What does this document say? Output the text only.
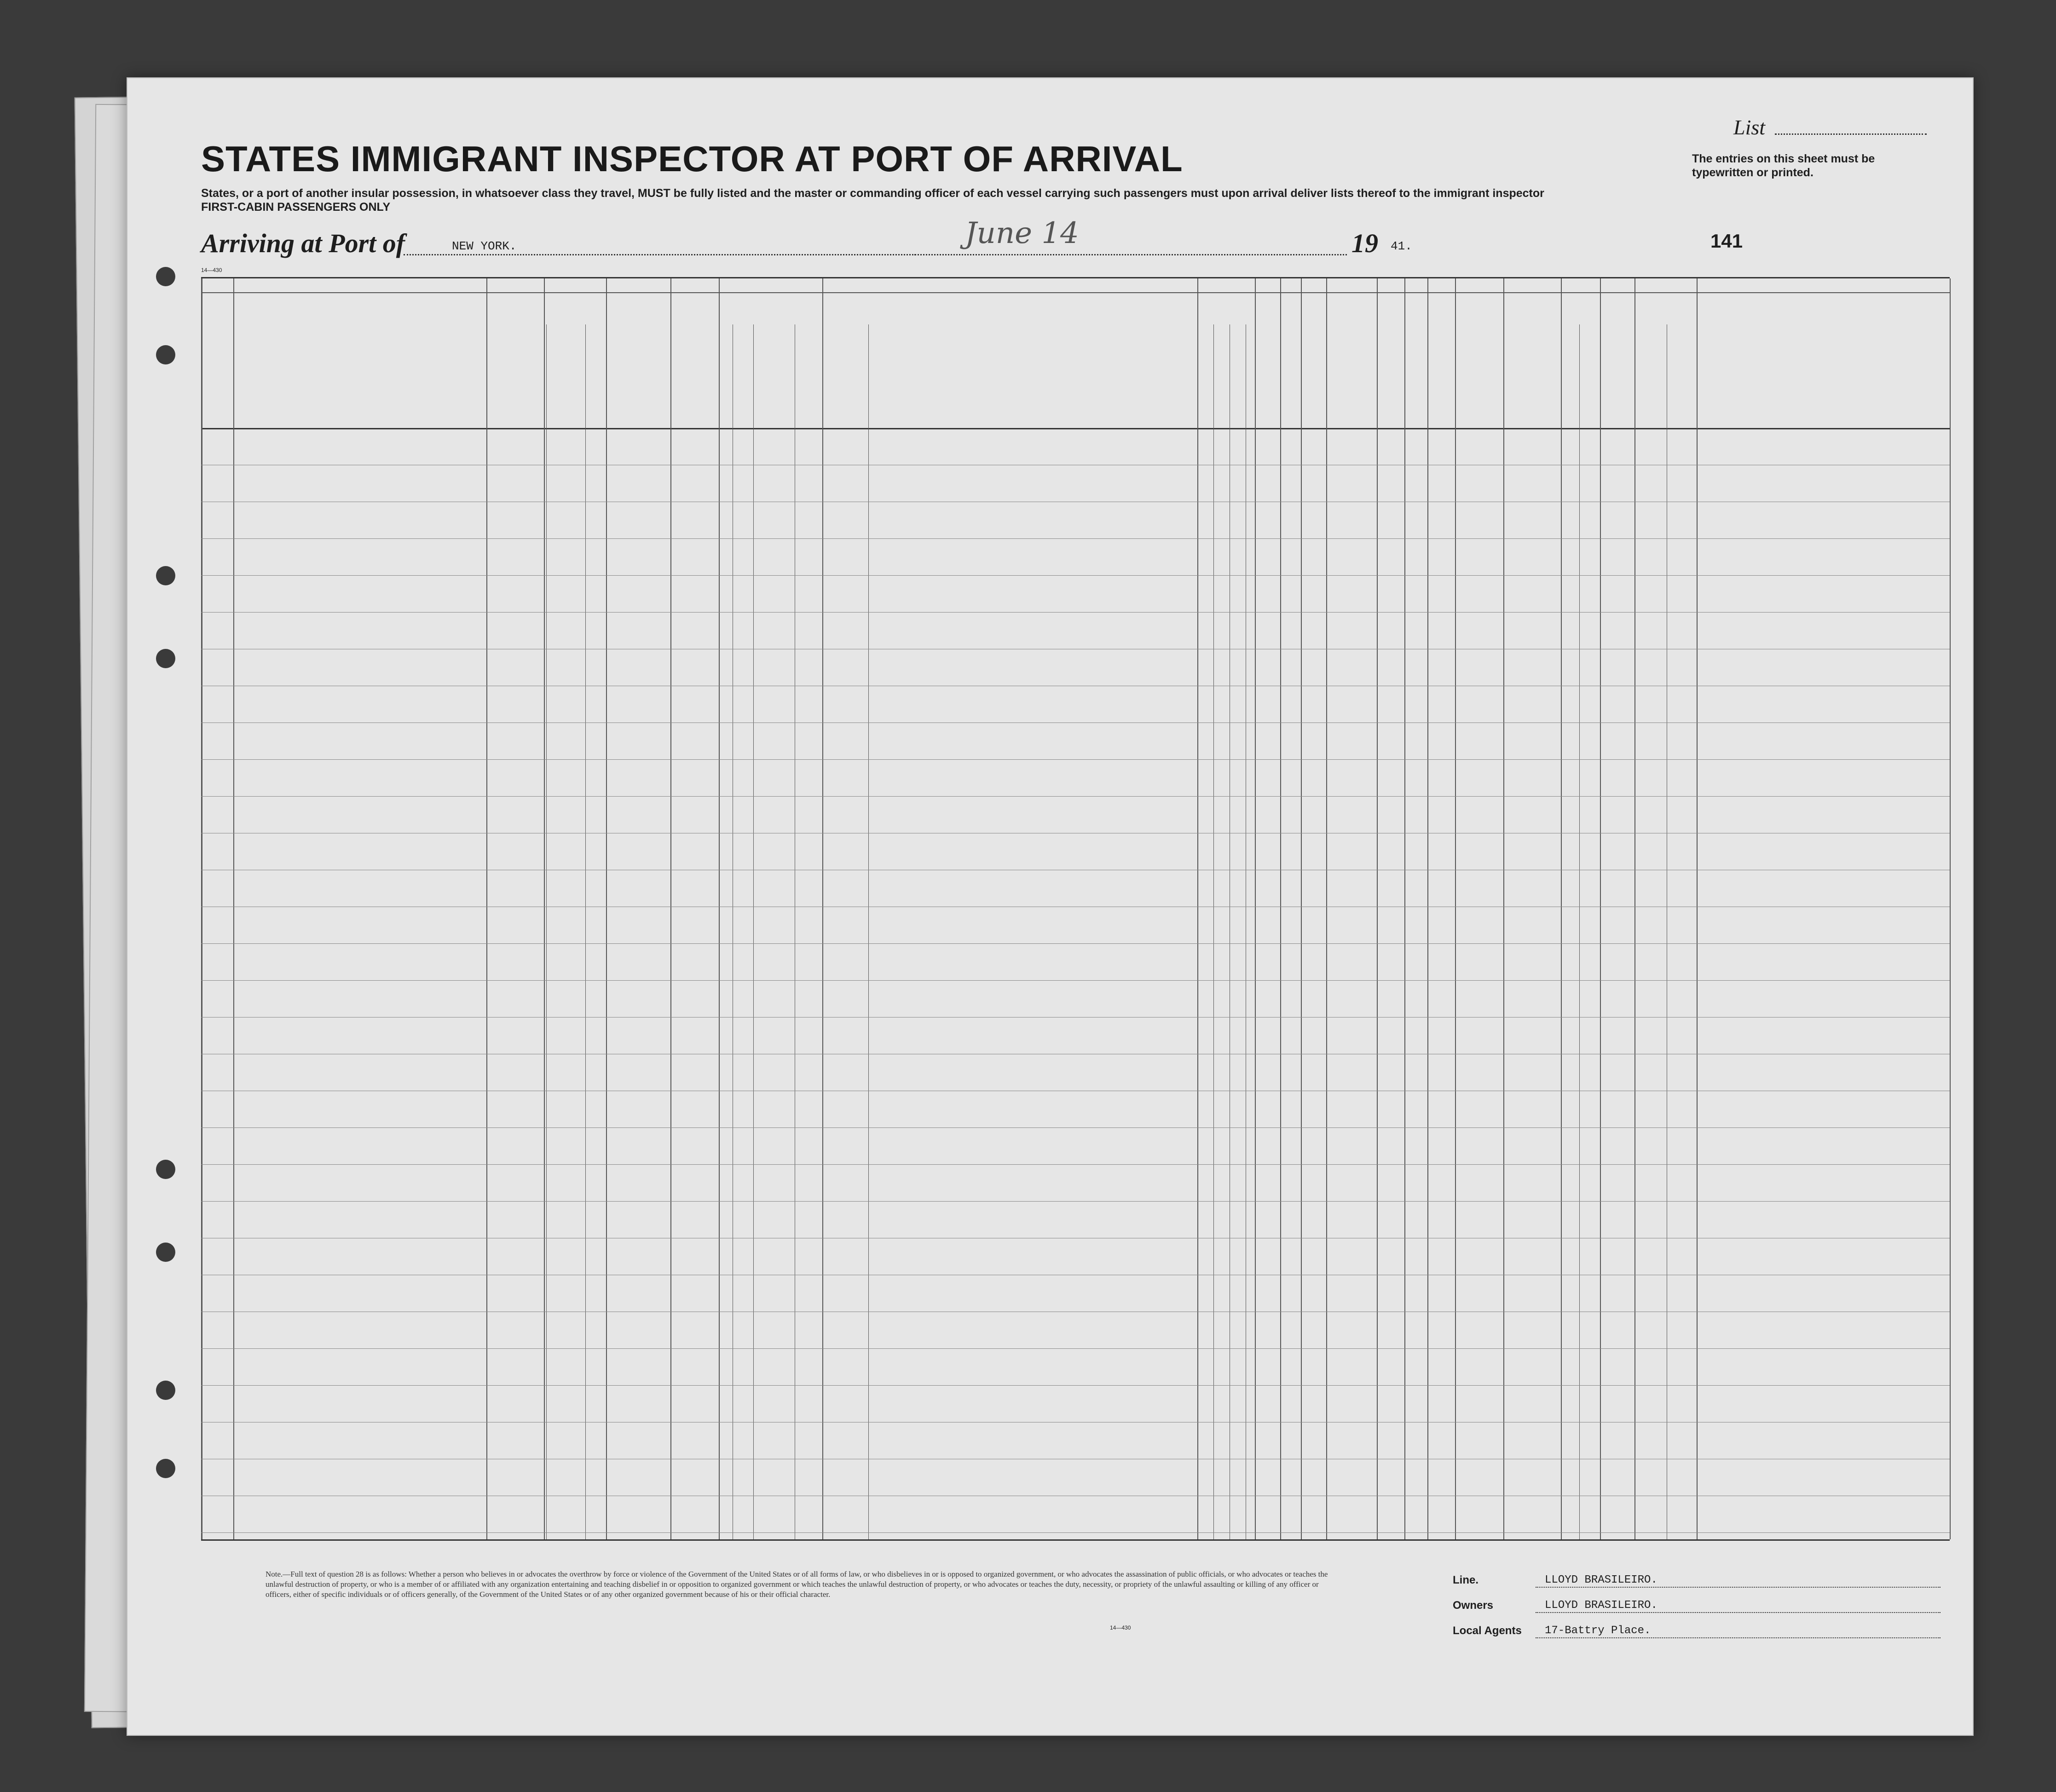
STATES IMMIGRANT INSPECTOR AT PORT OF ARRIVAL
States, or a port of another insular possession, in whatsoever class they travel, MUST be fully listed and the master or commanding officer of each vessel carrying such passengers must upon arrival deliver lists thereof to the immigrant inspector
FIRST-CABIN PASSENGERS ONLY
List
The entries on this sheet must be typewritten or printed.
Arriving at Port of	NEW YORK.	June 14	19 41.	141
14—430
Note.—Full text of question 28 is as follows: Whether a person who believes in or advocates the overthrow by force or violence of the Government of the United States or of all forms of law, or who disbelieves in or is opposed to organized government, or who advocates the assassination of public officials, or who advocates or teaches the unlawful destruction of property, or who is a member of or affiliated with any organization entertaining and teaching disbelief in or opposition to organized government or which teaches the unlawful destruction of property, or who advocates or teaches the duty, necessity, or propriety of the unlawful assaulting or killing of any officer or officers, either of specific individuals or of officers generally, of the Government of the United States or of any other organized government because of his or their official character.
14—430
Line.	LLOYD BRASILEIRO.
Owners	LLOYD BRASILEIRO.
Local Agents 17-Battry Place.
